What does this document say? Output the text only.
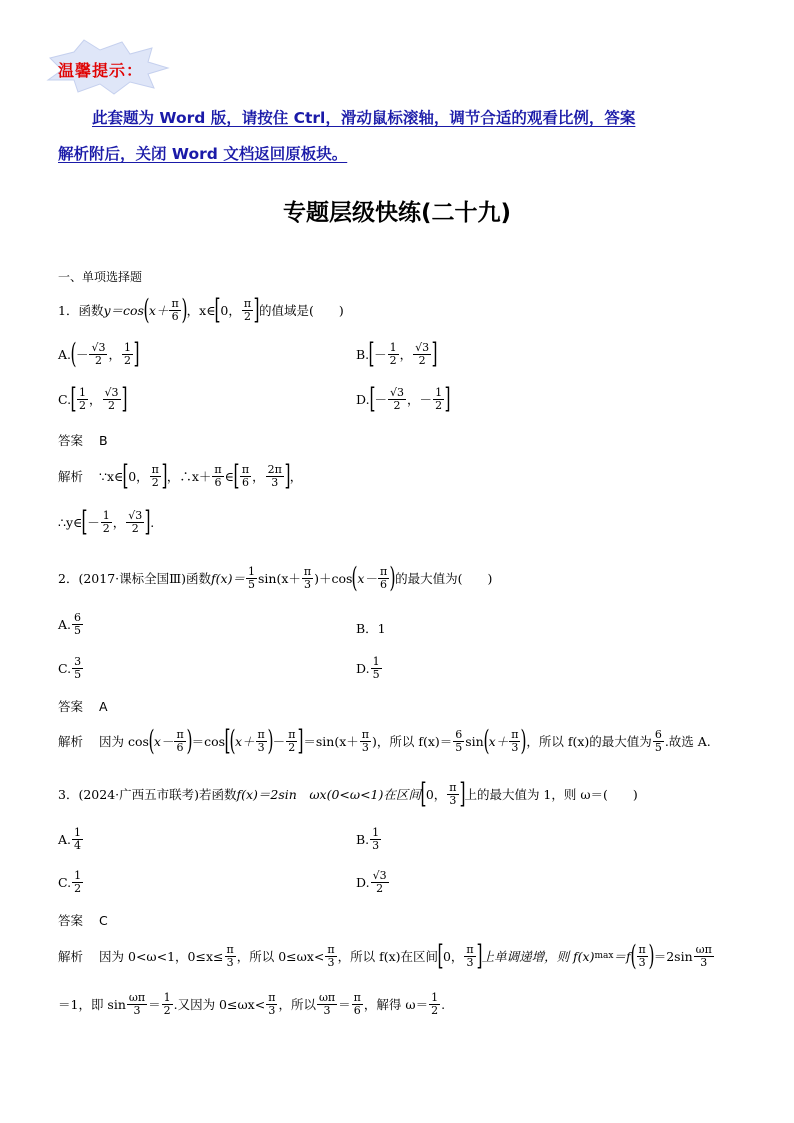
温馨提示：
此套题为 Word 版，请按住 Ctrl，滑动鼠标滚轴，调节合适的观看比例，答案
解析附后，关闭 Word 文档返回原板块。
专题层级快练(二十九)
一、单项选择题
1．函数 y＝cos ( $x+ \frac{\pi}{6}$ ) ，x∈ [ 0， $\frac{\pi}{2}$ ] 的值域是(　　)
A. ( － $\frac{√3}{2}$ ， $\frac{1}{2}$ ]	B. [ － $\frac{1}{2}$ ， $\frac{√3}{2}$ ]
C. [ $\frac{1}{2}$ ， $\frac{√3}{2}$ ]	D. [ － $\frac{√3}{2}$ ， － $\frac{1}{2}$ ]
答案 B
解析 ∵x∈ [ 0， $\frac{\pi}{2}$ ] ，∴x＋ $\frac{\pi}{6}$ ∈ [ $\frac{\pi}{6}$ ， $\frac{2\pi}{3}$ ] ，
∴y∈ [ － $\frac{1}{2}$ ， $\frac{√3}{2}$ ] .
2．(2017·课标全国Ⅲ)函数 $f(x)= \frac{1}{5} \sin(x+ \frac{\pi}{3} )+\cos$ ( $x- \frac{\pi}{6}$ ) 的最大值为(　　)
A. $\frac{6}{5}$	B．1
C. $\frac{3}{5}$	D. $\frac{1}{5}$
答案 A
解析 因为 cos ( $x- \frac{\pi}{6}$ ) ＝cos [
( $x+ \frac{\pi}{3}$ ) － $\frac{\pi}{2}$ ] $=\sin(x+ \frac{\pi}{3}$ )，所以 $f(x)= \frac{6}{5}$ sin ( $x+ \frac{\pi}{3}$ ) ，所以 f(x)的最大值为 $\frac{6}{5}$ .故选 A.
3．(2024·广西五市联考)若函数 f(x)＝2sin　ωx(0<ω<1)在区间 [ 0， $\frac{\pi}{3}$ ] 上的最大值为 1，则 ω＝(　　)
A. $\frac{1}{4}$	B. $\frac{1}{3}$
C. $\frac{1}{2}$	D. $\frac{√3}{2}$
答案 C
解析 因为 0<ω<1，$0\le x\le \frac{\pi}{3}$ ，所以 $0\le\omega x< \frac{\pi}{3}$ ，所以 f(x)在区间 [ 0， $\frac{\pi}{3}$ ] 上单调递增，则 f(x) max ＝f ( $\frac{\pi}{3}$ ) $=2\sin \frac{\omega\pi}{3}$
＝1，即 $\sin \frac{\omega\pi}{3} = \frac{1}{2}$ .又因为 $0\le\omega x< \frac{\pi}{3}$ ，所以 $\frac{\omega\pi}{3} = \frac{\pi}{6}$ ，解得 $\omega= \frac{1}{2}$ .
